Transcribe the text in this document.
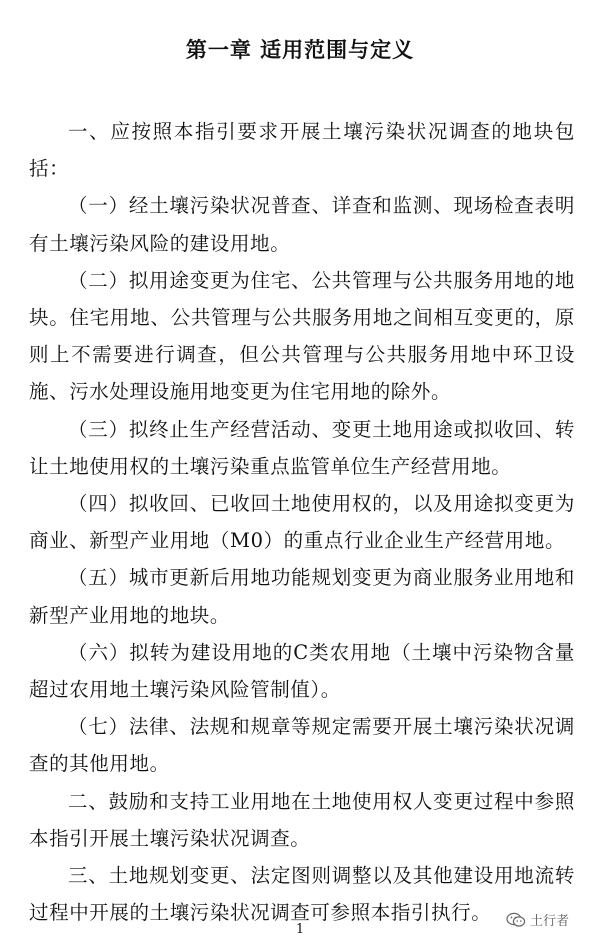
第一章 适用范围与定义

一、应按照本指引要求开展土壤污染状况调查的地块包括：

（一）经土壤污染状况普查、详查和监测、现场检查表明有土壤污染风险的建设用地。

（二）拟用途变更为住宅、公共管理与公共服务用地的地块。住宅用地、公共管理与公共服务用地之间相互变更的，原则上不需要进行调查，但公共管理与公共服务用地中环卫设施、污水处理设施用地变更为住宅用地的除外。

（三）拟终止生产经营活动、变更土地用途或拟收回、转让土地使用权的土壤污染重点监管单位生产经营用地。

（四）拟收回、已收回土地使用权的，以及用途拟变更为商业、新型产业用地（M0）的重点行业企业生产经营用地。

（五）城市更新后用地功能规划变更为商业服务业用地和新型产业用地的地块。

（六）拟转为建设用地的C类农用地（土壤中污染物含量超过农用地土壤污染风险管制值）。

（七）法律、法规和规章等规定需要开展土壤污染状况调查的其他用地。

二、鼓励和支持工业用地在土地使用权人变更过程中参照本指引开展土壤污染状况调查。

三、土地规划变更、法定图则调整以及其他建设用地流转过程中开展的土壤污染状况调查可参照本指引执行。

1
土行者
